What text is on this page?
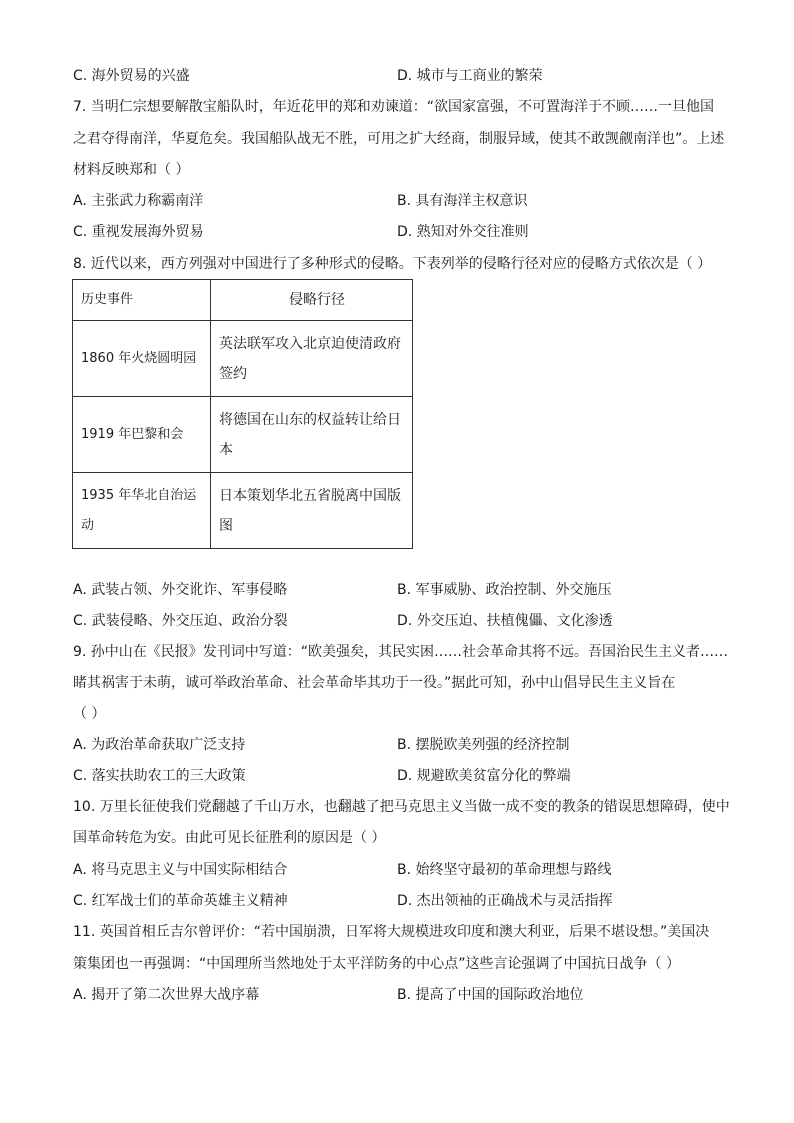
C. 海外贸易的兴盛	D. 城市与工商业的繁荣
7. 当明仁宗想要解散宝船队时，年近花甲的郑和劝谏道：“欲国家富强，不可置海洋于不顾……一旦他国
之君夺得南洋，华夏危矣。我国船队战无不胜，可用之扩大经商，制服异域，使其不敢觊觎南洋也”。上述
材料反映郑和（ ）
A. 主张武力称霸南洋	B. 具有海洋主权意识
C. 重视发展海外贸易	D. 熟知对外交往准则
8. 近代以来，西方列强对中国进行了多种形式的侵略。下表列举的侵略行径对应的侵略方式依次是（ ）
历史事件	侵略行径
1860 年火烧圆明园	英法联军攻入北京迫使清政府
签约
1919 年巴黎和会	将德国在山东的权益转让给日
本
1935 年华北自治运
动	日本策划华北五省脱离中国版
图
A. 武装占领、外交讹诈、军事侵略	B. 军事威胁、政治控制、外交施压
C. 武装侵略、外交压迫、政治分裂	D. 外交压迫、扶植傀儡、文化渗透
9. 孙中山在《民报》发刊词中写道：“欧美强矣，其民实困……社会革命其将不远。吾国治民生主义者……
睹其祸害于未萌，诚可举政治革命、社会革命毕其功于一役。”据此可知，孙中山倡导民生主义旨在
（ ）
A. 为政治革命获取广泛支持	B. 摆脱欧美列强的经济控制
C. 落实扶助农工的三大政策	D. 规避欧美贫富分化的弊端
10. 万里长征使我们党翻越了千山万水，也翻越了把马克思主义当做一成不变的教条的错误思想障碍，使中
国革命转危为安。由此可见长征胜利的原因是（ ）
A. 将马克思主义与中国实际相结合	B. 始终坚守最初的革命理想与路线
C. 红军战士们的革命英雄主义精神	D. 杰出领袖的正确战术与灵活指挥
11. 英国首相丘吉尔曾评价：“若中国崩溃，日军将大规模进攻印度和澳大利亚，后果不堪设想。”美国决
策集团也一再强调：“中国理所当然地处于太平洋防务的中心点”这些言论强调了中国抗日战争（ ）
A. 揭开了第二次世界大战序幕	B. 提高了中国的国际政治地位
